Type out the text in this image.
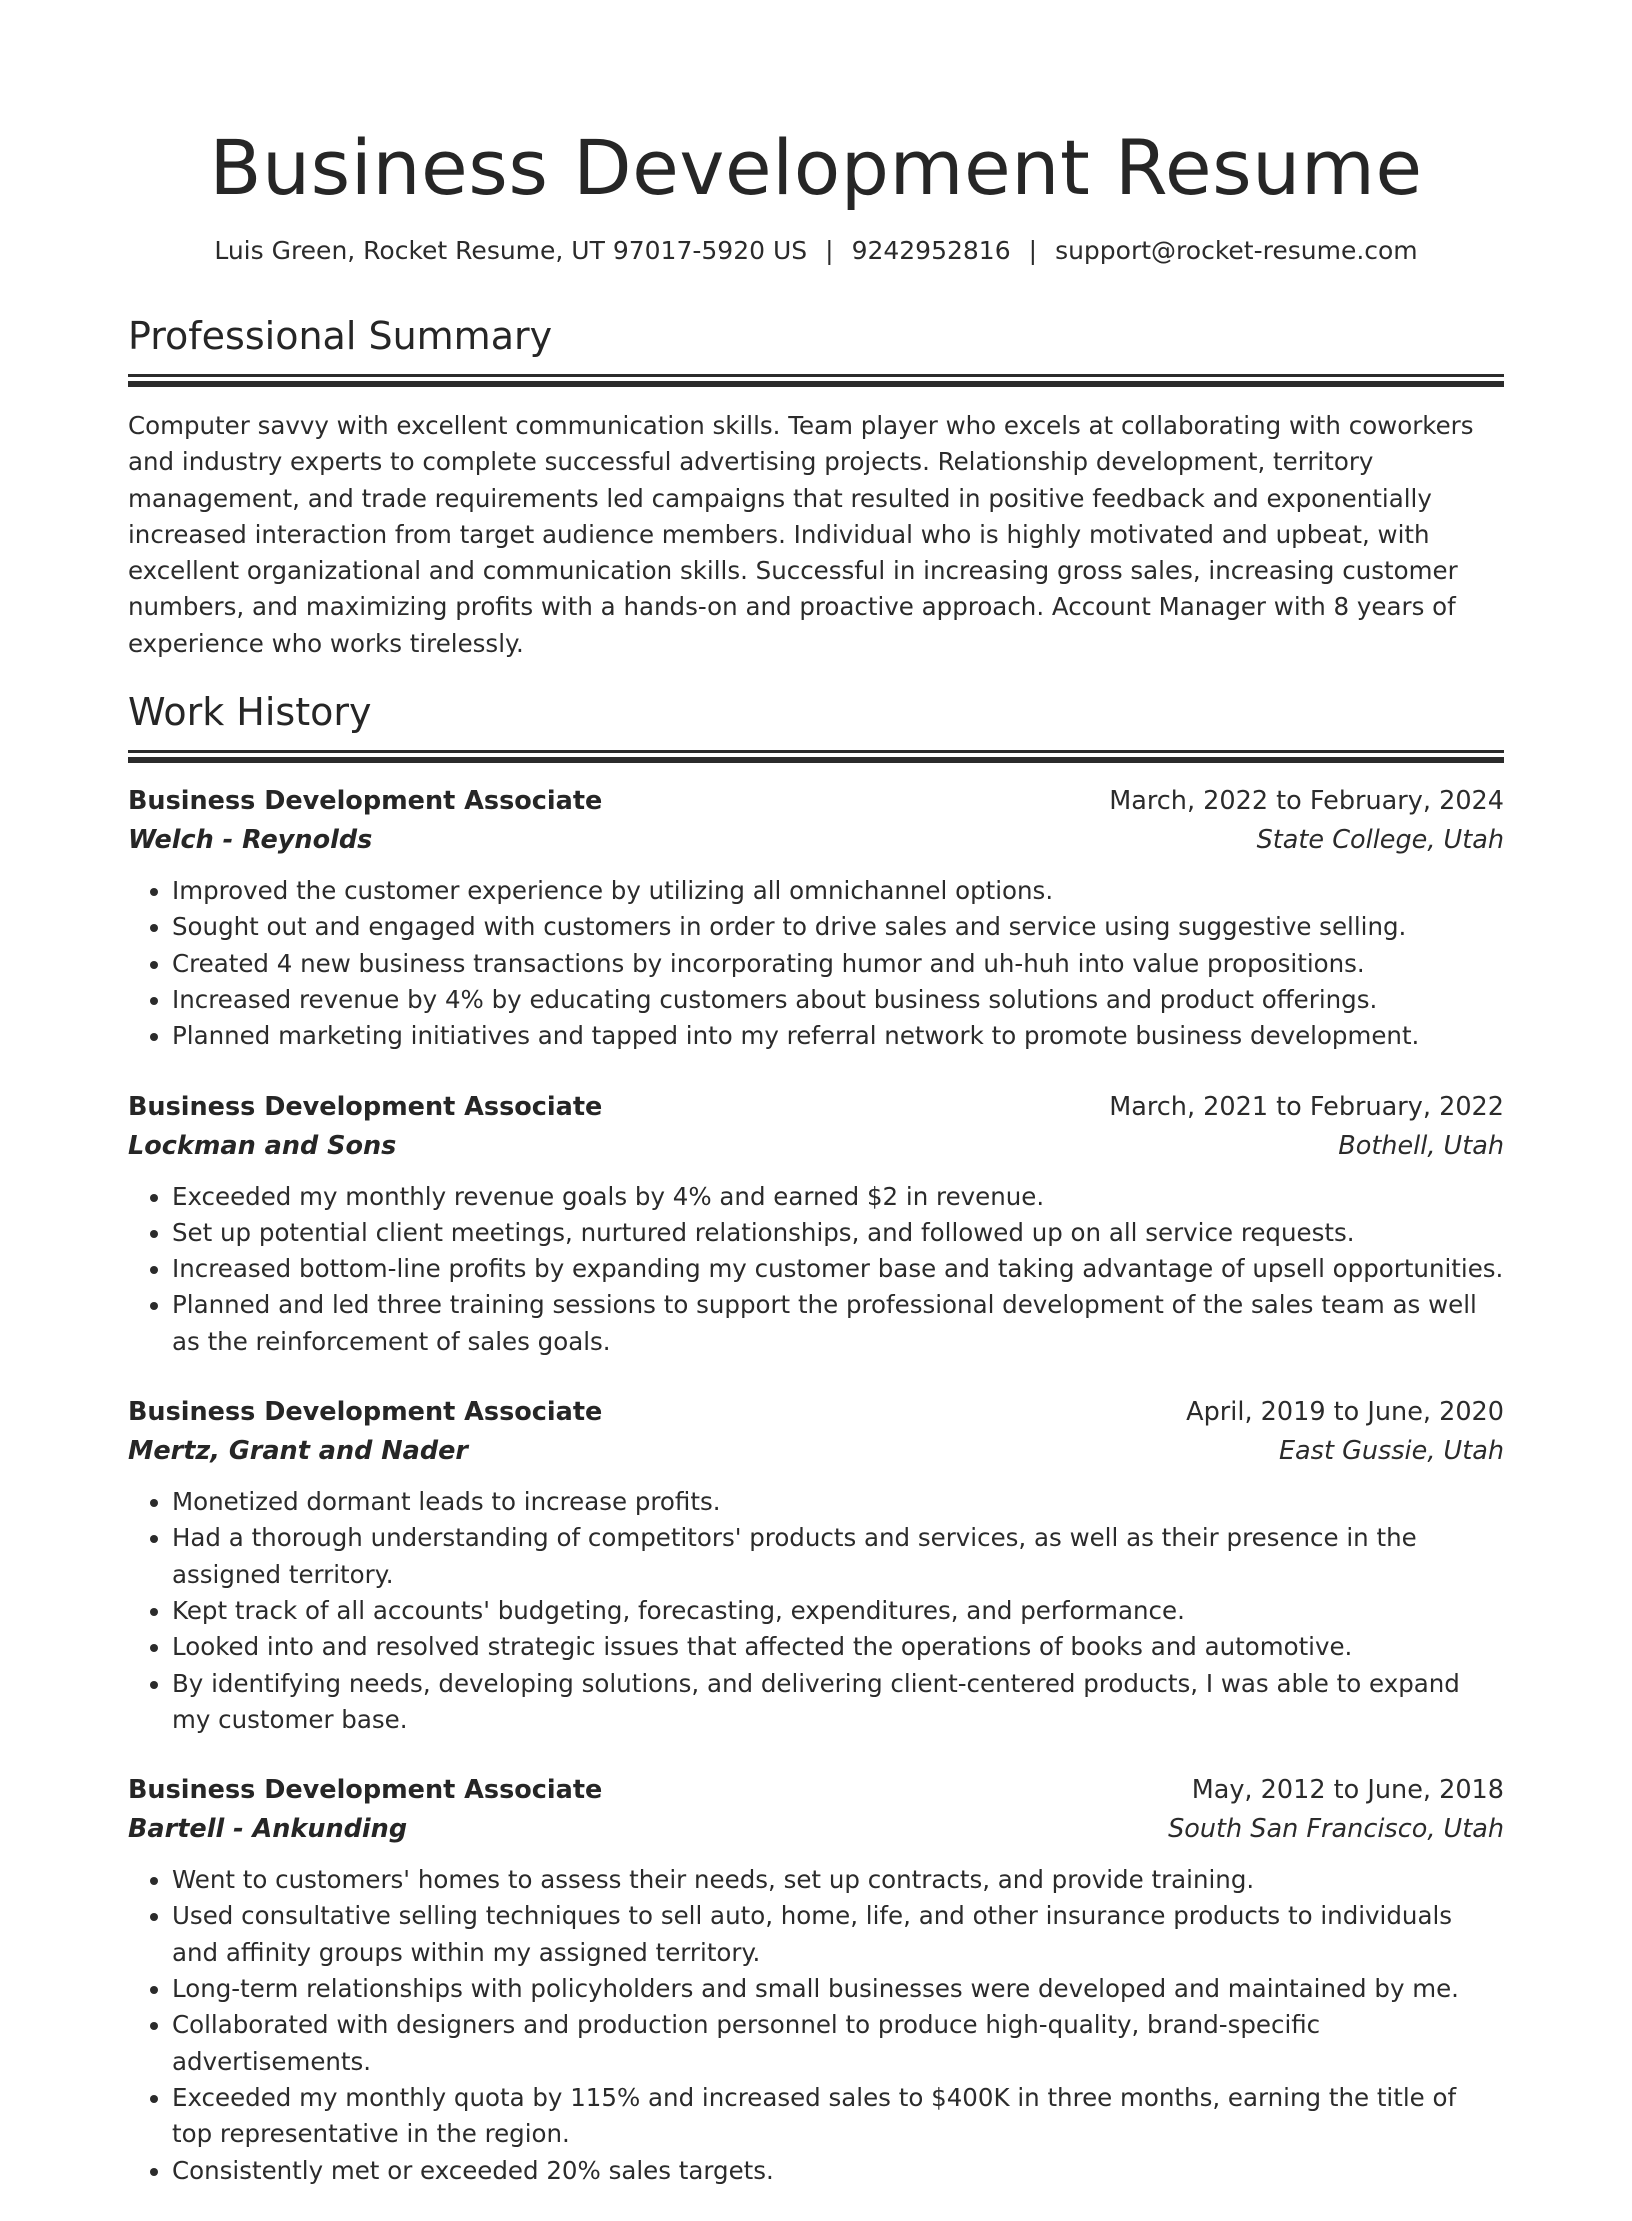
Business Development Resume
Luis Green, Rocket Resume, UT 97017-5920 US | 9242952816 | support@rocket-resume.com
Professional Summary

Computer savvy with excellent communication skills. Team player who excels at collaborating with coworkers and industry experts to complete successful advertising projects. Relationship development, territory management, and trade requirements led campaigns that resulted in positive feedback and exponentially increased interaction from target audience members. Individual who is highly motivated and upbeat, with excellent organizational and communication skills. Successful in increasing gross sales, increasing customer numbers, and maximizing profits with a hands-on and proactive approach. Account Manager with 8 years of experience who works tirelessly.

Work History
Business Development Associate	March, 2022 to February, 2024
Welch - Reynolds	State College, Utah
• Improved the customer experience by utilizing all omnichannel options.
• Sought out and engaged with customers in order to drive sales and service using suggestive selling.
• Created 4 new business transactions by incorporating humor and uh-huh into value propositions.
• Increased revenue by 4% by educating customers about business solutions and product offerings.
• Planned marketing initiatives and tapped into my referral network to promote business development.
Business Development Associate	March, 2021 to February, 2022
Lockman and Sons	Bothell, Utah
• Exceeded my monthly revenue goals by 4% and earned $2 in revenue.
• Set up potential client meetings, nurtured relationships, and followed up on all service requests.
• Increased bottom-line profits by expanding my customer base and taking advantage of upsell opportunities.
• Planned and led three training sessions to support the professional development of the sales team as well as the reinforcement of sales goals.
Business Development Associate	April, 2019 to June, 2020
Mertz, Grant and Nader	East Gussie, Utah
• Monetized dormant leads to increase profits.
• Had a thorough understanding of competitors' products and services, as well as their presence in the assigned territory.
• Kept track of all accounts' budgeting, forecasting, expenditures, and performance.
• Looked into and resolved strategic issues that affected the operations of books and automotive.
• By identifying needs, developing solutions, and delivering client-centered products, I was able to expand my customer base.
Business Development Associate	May, 2012 to June, 2018
Bartell - Ankunding	South San Francisco, Utah
• Went to customers' homes to assess their needs, set up contracts, and provide training.
• Used consultative selling techniques to sell auto, home, life, and other insurance products to individuals and affinity groups within my assigned territory.
• Long-term relationships with policyholders and small businesses were developed and maintained by me.
• Collaborated with designers and production personnel to produce high-quality, brand-specific advertisements.
• Exceeded my monthly quota by 115% and increased sales to $400K in three months, earning the title of top representative in the region.
• Consistently met or exceeded 20% sales targets.
